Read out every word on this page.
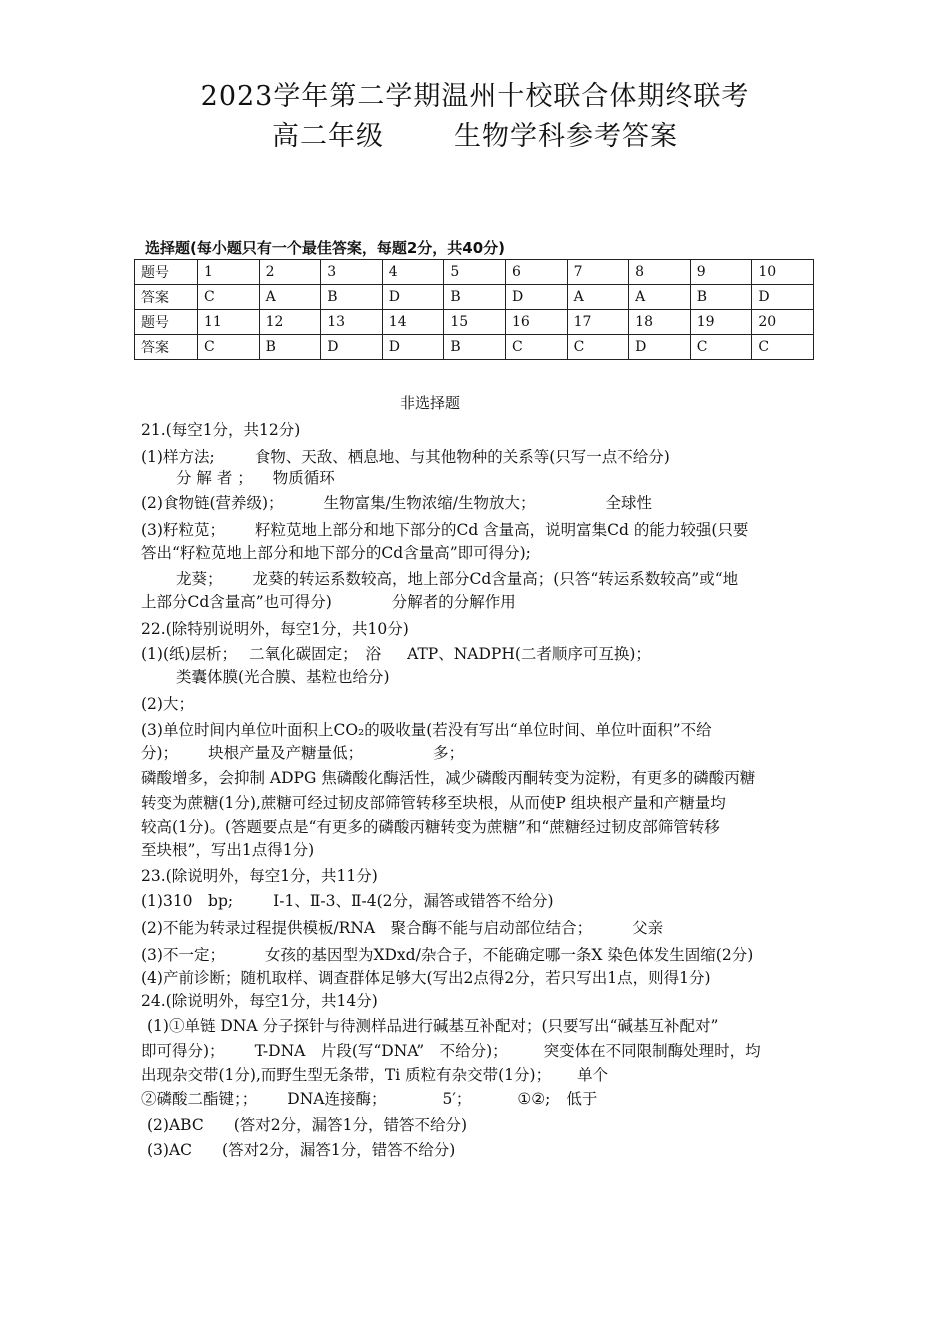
2023学年第二学期温州十校联合体期终联考
高二年级	生物学科参考答案
选择题(每小题只有一个最佳答案，每题2分，共40分)
题号	1	2	3	4	5	6	7	8	9	10
答案	C	A	B	D	B	D	A	A	B	D
题号	11	12	13	14	15	16	17	18	19	20
答案	C	B	D	D	B	C	C	D	C	C
非选择题
21.(每空1分，共12分)
(1)样方法;	食物、天敌、栖息地、与其他物种的关系等(只写一点不给分)
分 解 者 ； 物质循环
(2)食物链(营养级)；	生物富集/生物浓缩/生物放大；	全球性
(3)籽粒苋； 籽粒苋地上部分和地下部分的Cd 含量高，说明富集Cd 的能力较强(只要
答出“籽粒苋地上部分和地下部分的Cd含量高”即可得分);
龙葵； 龙葵的转运系数较高，地上部分Cd含量高；(只答“转运系数较高”或“地
上部分Cd含量高”也可得分)	分解者的分解作用
22.(除特别说明外，每空1分，共10分)
(1)(纸)层析； 二氧化碳固定； 浴 ATP、NADPH(二者顺序可互换)；
类囊体膜(光合膜、基粒也给分)
(2)大；
(3)单位时间内单位叶面积上CO₂的吸收量(若没有写出“单位时间、单位叶面积”不给
分)； 块根产量及产糖量低；	多；
磷酸增多，会抑制 ADPG 焦磷酸化酶活性，减少磷酸丙酮转变为淀粉，有更多的磷酸丙糖
转变为蔗糖(1分),蔗糖可经过韧皮部筛管转移至块根，从而使P 组块根产量和产糖量均
较高(1分)。(答题要点是“有更多的磷酸丙糖转变为蔗糖”和“蔗糖经过韧皮部筛管转移
至块根”，写出1点得1分)
23.(除说明外，每空1分，共11分)
(1)310　bp;	I-1、Ⅱ-3、Ⅱ-4(2分，漏答或错答不给分)
(2)不能为转录过程提供模板/RNA　聚合酶不能与启动部位结合；	父亲
(3)不一定；	女孩的基因型为XDxd/杂合子，不能确定哪一条X 染色体发生固缩(2分)
(4)产前诊断；随机取样、调查群体足够大(写出2点得2分，若只写出1点，则得1分)
24.(除说明外，每空1分，共14分)
(1)①单链 DNA 分子探针与待测样品进行碱基互补配对；(只要写出“碱基互补配对”
即可得分)； T-DNA　片段(写“DNA”　不给分)； 突变体在不同限制酶处理时，均
出现杂交带(1分),而野生型无条带，Ti 质粒有杂交带(1分)； 单个
②磷酸二酯键；； DNA连接酶；	5′；	①②; 低于
(2)ABC (答对2分，漏答1分，错答不给分)
(3)AC (答对2分，漏答1分，错答不给分)
